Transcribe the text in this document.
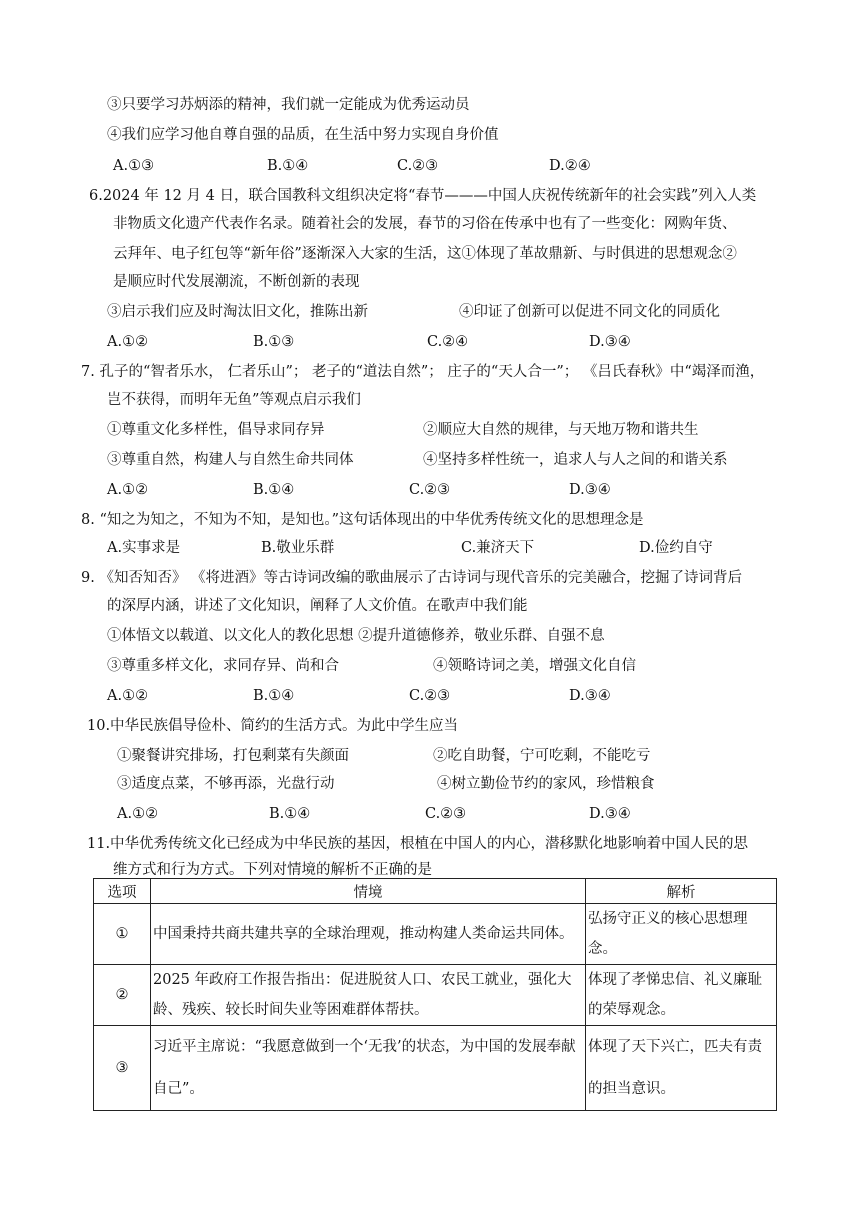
③只要学习苏炳添的精神，我们就一定能成为优秀运动员
④我们应学习他自尊自强的品质，在生活中努力实现自身价值
A.①③	B.①④	C.②③	D.②④
6.2024 年 12 月 4 日，联合国教科文组织决定将“春节———中国人庆祝传统新年的社会实践”列入人类
非物质文化遗产代表作名录。随着社会的发展，春节的习俗在传承中也有了一些变化：网购年货、
云拜年、电子红包等“新年俗”逐渐深入大家的生活，这①体现了革故鼎新、与时俱进的思想观念②
是顺应时代发展潮流，不断创新的表现
③启示我们应及时淘汰旧文化，推陈出新	④印证了创新可以促进不同文化的同质化
A.①②	B.①③	C.②④	D.③④
7. 孔子的“智者乐水， 仁者乐山”； 老子的“道法自然”； 庄子的“天人合一”； 《吕氏春秋》中“竭泽而渔，
岂不获得，而明年无鱼”等观点启示我们
①尊重文化多样性，倡导求同存异	②顺应大自然的规律，与天地万物和谐共生
③尊重自然，构建人与自然生命共同体	④坚持多样性统一，追求人与人之间的和谐关系
A.①②	B.①④	C.②③	D.③④
8. “知之为知之，不知为不知，是知也。”这句话体现出的中华优秀传统文化的思想理念是
A.实事求是	B.敬业乐群	C.兼济天下	D.俭约自守
9. 《知否知否》 《将进酒》等古诗词改编的歌曲展示了古诗词与现代音乐的完美融合，挖掘了诗词背后
的深厚内涵，讲述了文化知识，阐释了人文价值。在歌声中我们能
①体悟文以载道、以文化人的教化思想 ②提升道德修养，敬业乐群、自强不息
③尊重多样文化，求同存异、尚和合	④领略诗词之美，增强文化自信
A.①②	B.①④	C.②③	D.③④
10.中华民族倡导俭朴、简约的生活方式。为此中学生应当
①聚餐讲究排场，打包剩菜有失颜面	②吃自助餐，宁可吃剩，不能吃亏
③适度点菜，不够再添，光盘行动	④树立勤俭节约的家风，珍惜粮食
A.①②	B.①④	C.②③	D.③④
11.中华优秀传统文化已经成为中华民族的基因，根植在中国人的内心，潜移默化地影响着中国人民的思
维方式和行为方式。下列对情境的解析不正确的是
选项	情境	解析
①	中国秉持共商共建共享的全球治理观，推动构建人类命运共同体。	弘扬守正义的核心思想理念。

②	2025 年政府工作报告指出：促进脱贫人口、农民工就业，强化大龄、残疾、较长时间失业等困难群体帮扶。	体现了孝悌忠信、礼义廉耻的荣辱观念。

③	习近平主席说：“我愿意做到一个‘无我’的状态，为中国的发展奉献自己”。	体现了天下兴亡，匹夫有责的担当意识。
